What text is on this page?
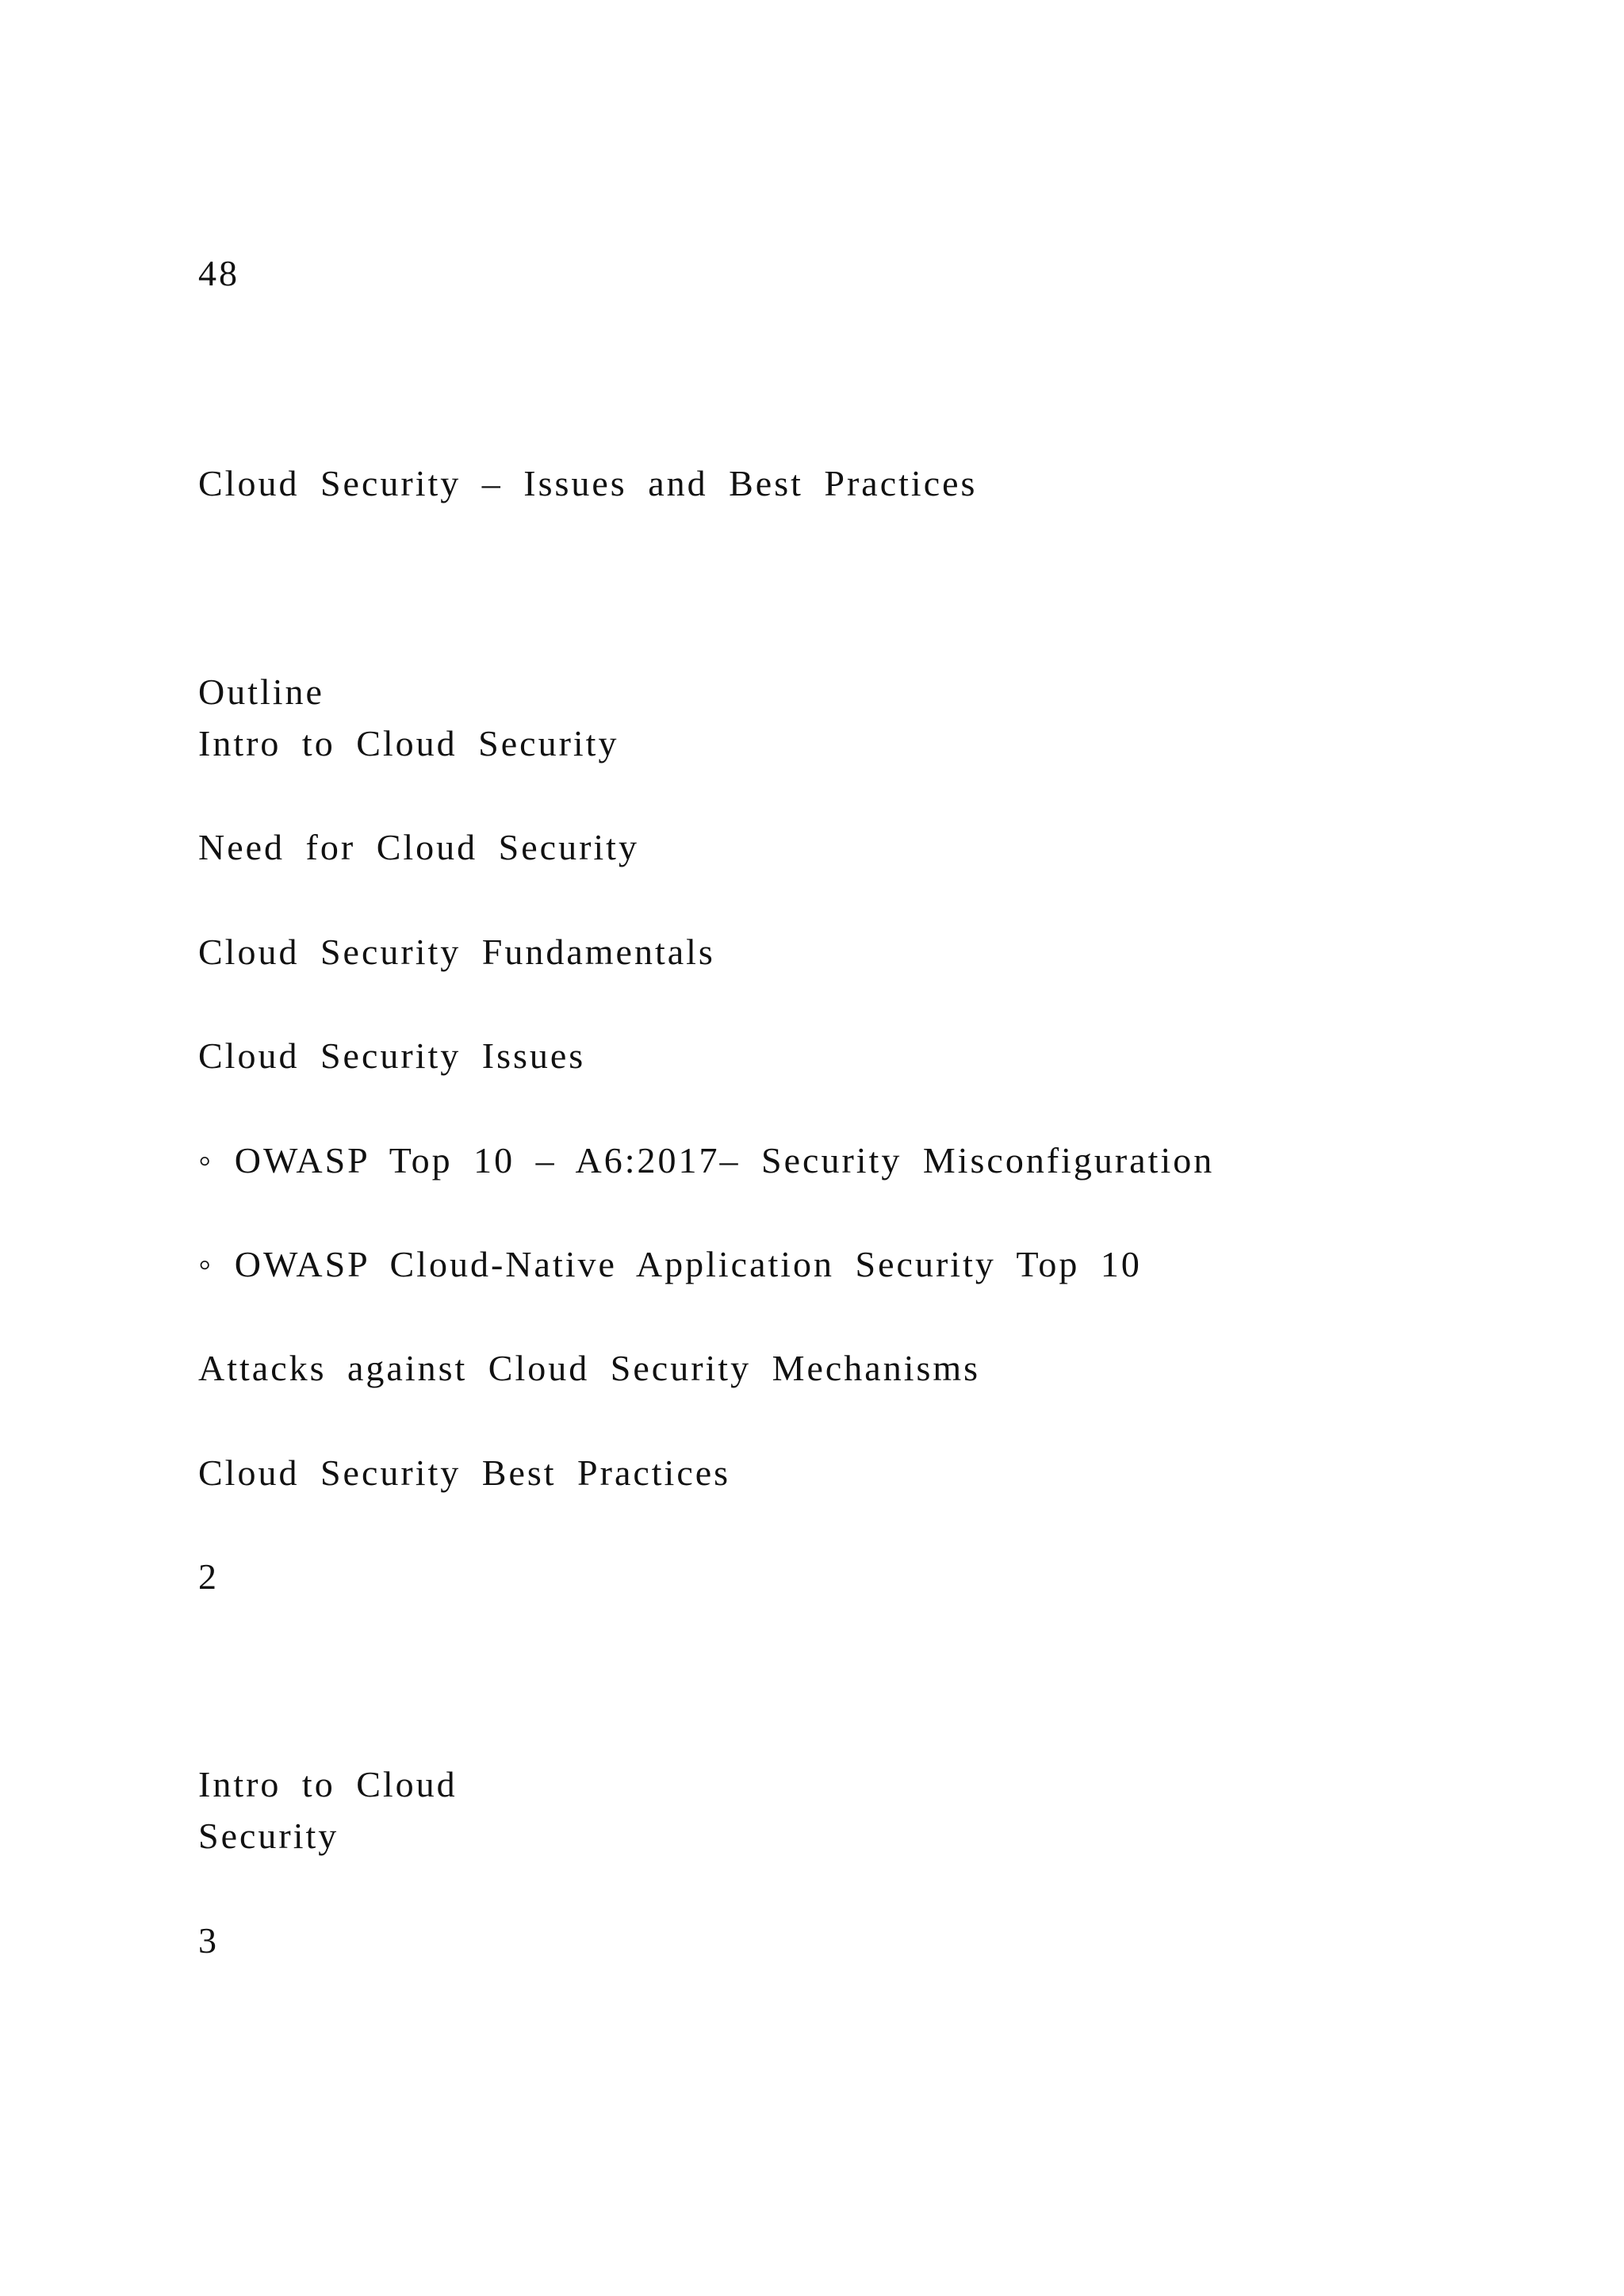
48
Cloud Security – Issues and Best Practices
Outline
Intro to Cloud Security
Need for Cloud Security
Cloud Security Fundamentals
Cloud Security Issues
◦ OWASP Top 10 – A6:2017– Security Misconfiguration
◦ OWASP Cloud-Native Application Security Top 10
Attacks against Cloud Security Mechanisms
Cloud Security Best Practices
2
Intro to Cloud
Security
3
